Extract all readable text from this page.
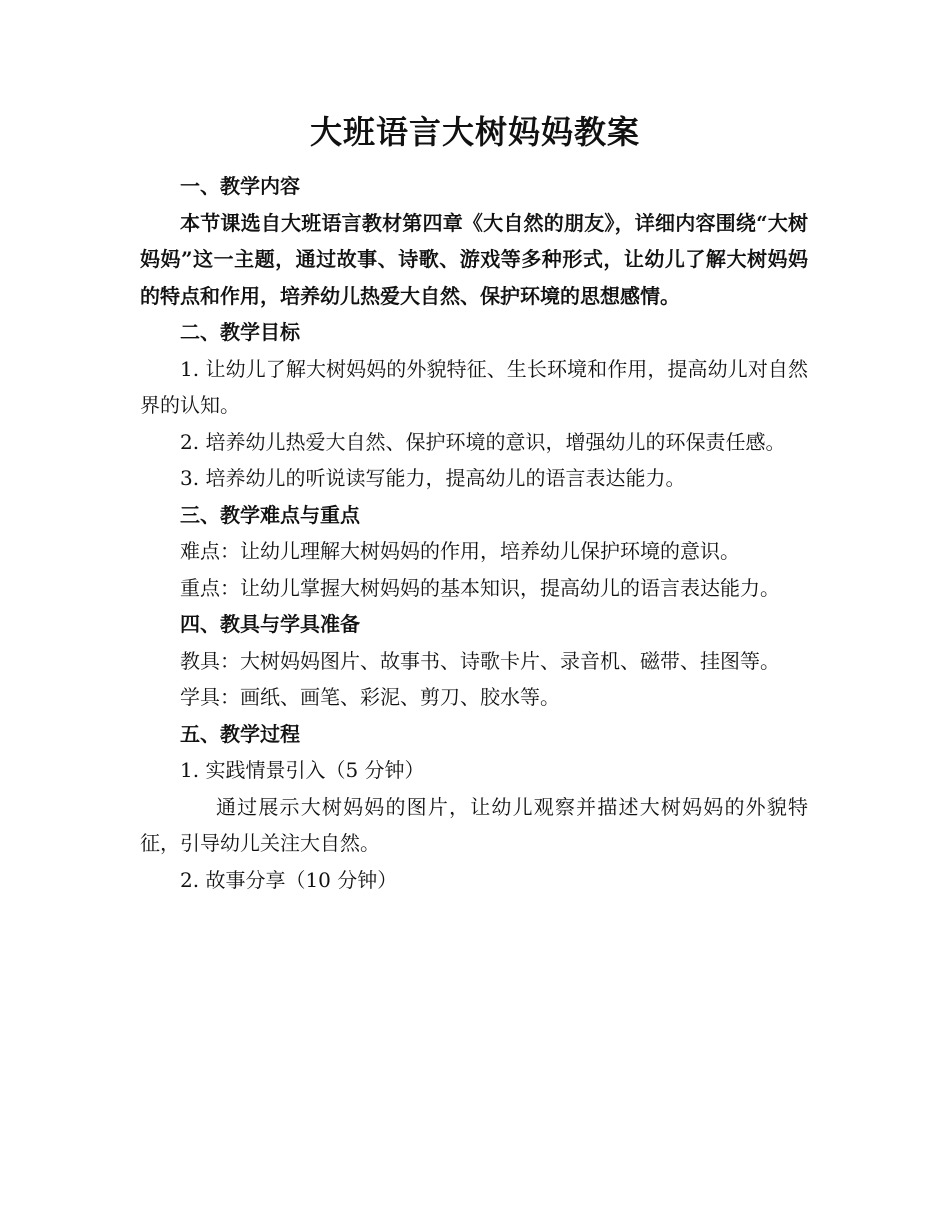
大班语言大树妈妈教案

一、教学内容

本节课选自大班语言教材第四章《大自然的朋友》，详细内容围绕“大树妈妈”这一主题，通过故事、诗歌、游戏等多种形式，让幼儿了解大树妈妈的特点和作用，培养幼儿热爱大自然、保护环境的思想感情。

二、教学目标

1. 让幼儿了解大树妈妈的外貌特征、生长环境和作用，提高幼儿对自然界的认知。

2. 培养幼儿热爱大自然、保护环境的意识，增强幼儿的环保责任感。

3. 培养幼儿的听说读写能力，提高幼儿的语言表达能力。

三、教学难点与重点

难点：让幼儿理解大树妈妈的作用，培养幼儿保护环境的意识。

重点：让幼儿掌握大树妈妈的基本知识，提高幼儿的语言表达能力。

四、教具与学具准备

教具：大树妈妈图片、故事书、诗歌卡片、录音机、磁带、挂图等。

学具：画纸、画笔、彩泥、剪刀、胶水等。

五、教学过程

1. 实践情景引入（5 分钟）

通过展示大树妈妈的图片，让幼儿观察并描述大树妈妈的外貌特征，引导幼儿关注大自然。

2. 故事分享（10 分钟）
